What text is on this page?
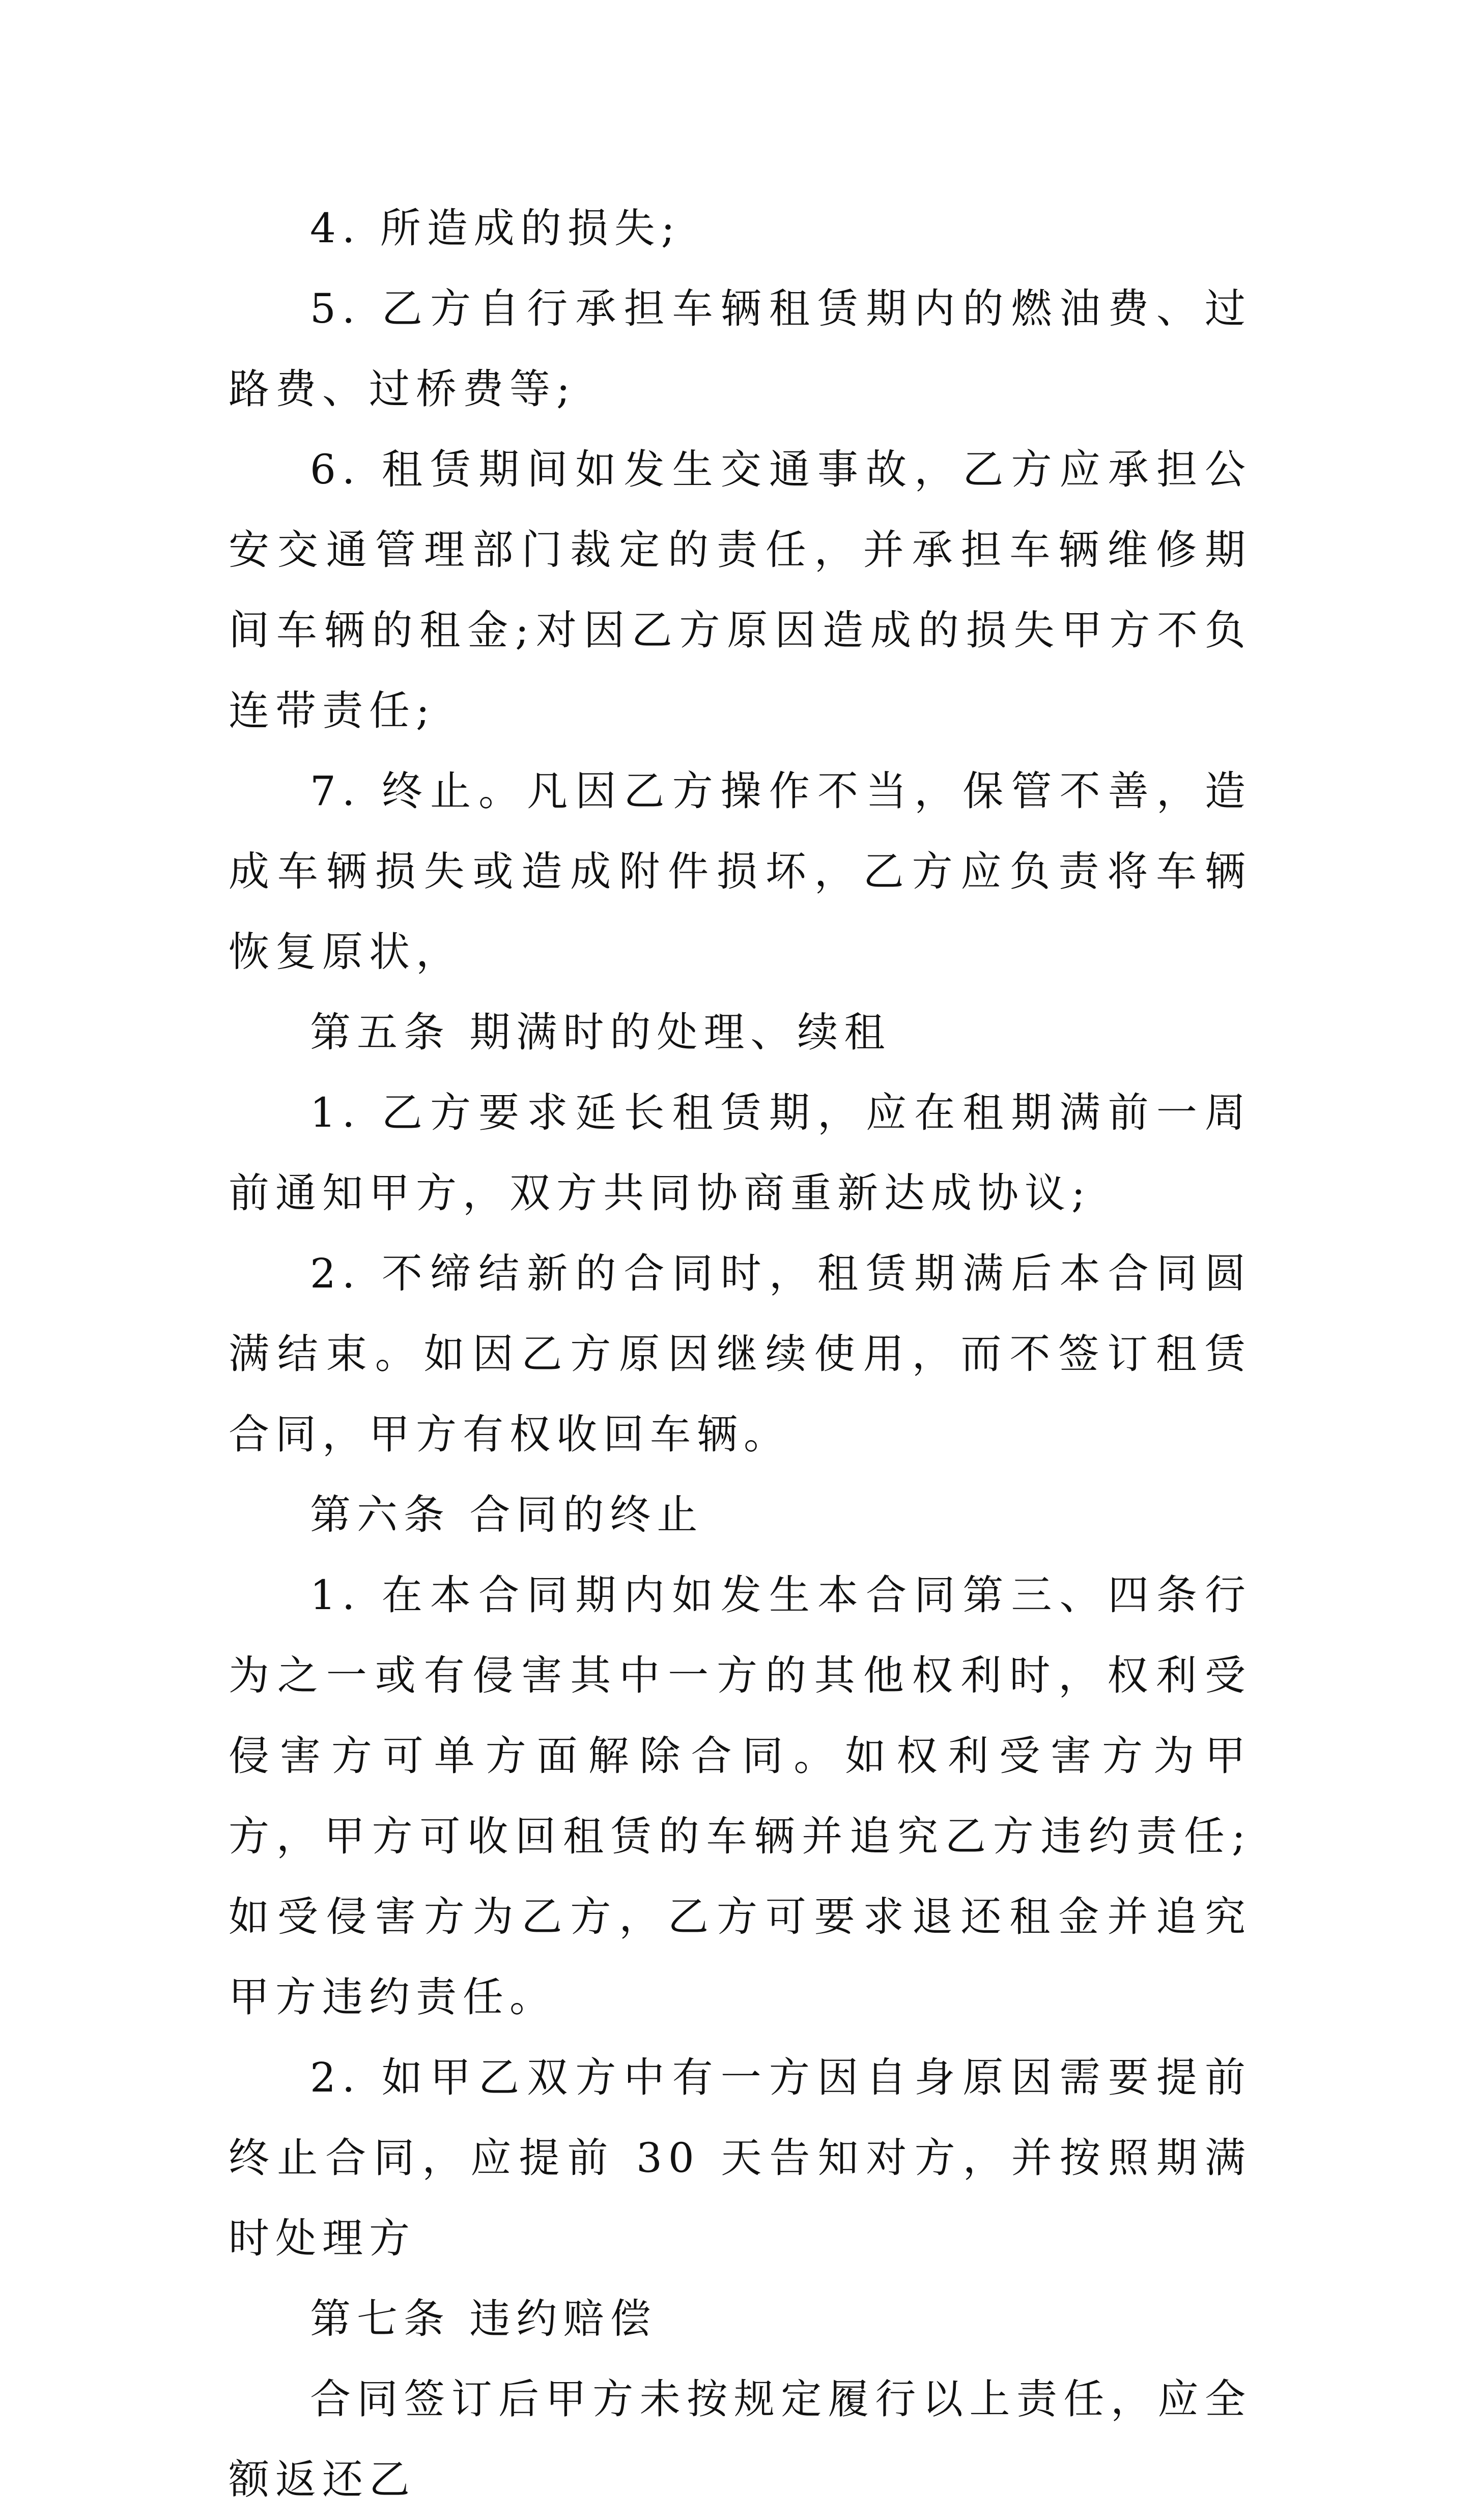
4. 所造成的损失;

5. 乙方自行承担车辆租赁期内的燃油费、过路费、过桥费等;

6. 租赁期间如发生交通事故，乙方应承担公安交通管理部门裁定的责任，并承担车辆维修期间车辆的租金;对因乙方原因造成的损失甲方不负连带责任;

7. 终止。凡因乙方操作不当，保管不善，造成车辆损失或造成附件损坏，乙方应负责将车辆恢复原状，

第五条 期满时的处理、续租

1. 乙方要求延长租赁期，应在租期满前一周前通知甲方，双方共同协商重新达成协议;

2. 不缔结新的合同时，租赁期满后本合同圆满结束。如因乙方原因继续使用，而不签订租赁合同，甲方有权收回车辆。

第六条 合同的终止

1. 在本合同期内如发生本合同第三、四条行为之一或有侵害其中一方的其他权利时，权利受侵害方可单方面解除合同。如权利受害方为甲方，甲方可收回租赁的车辆并追究乙方违约责任;如受侵害方为乙方，乙方可要求退还租金并追究甲方违约责任。

2. 如甲乙双方中有一方因自身原因需要提前终止合同，应提前 30 天告知对方，并按照期满时处理方

第七条 违约赔偿

合同签订后甲方未按规定履行以上责任，应全额返还乙
